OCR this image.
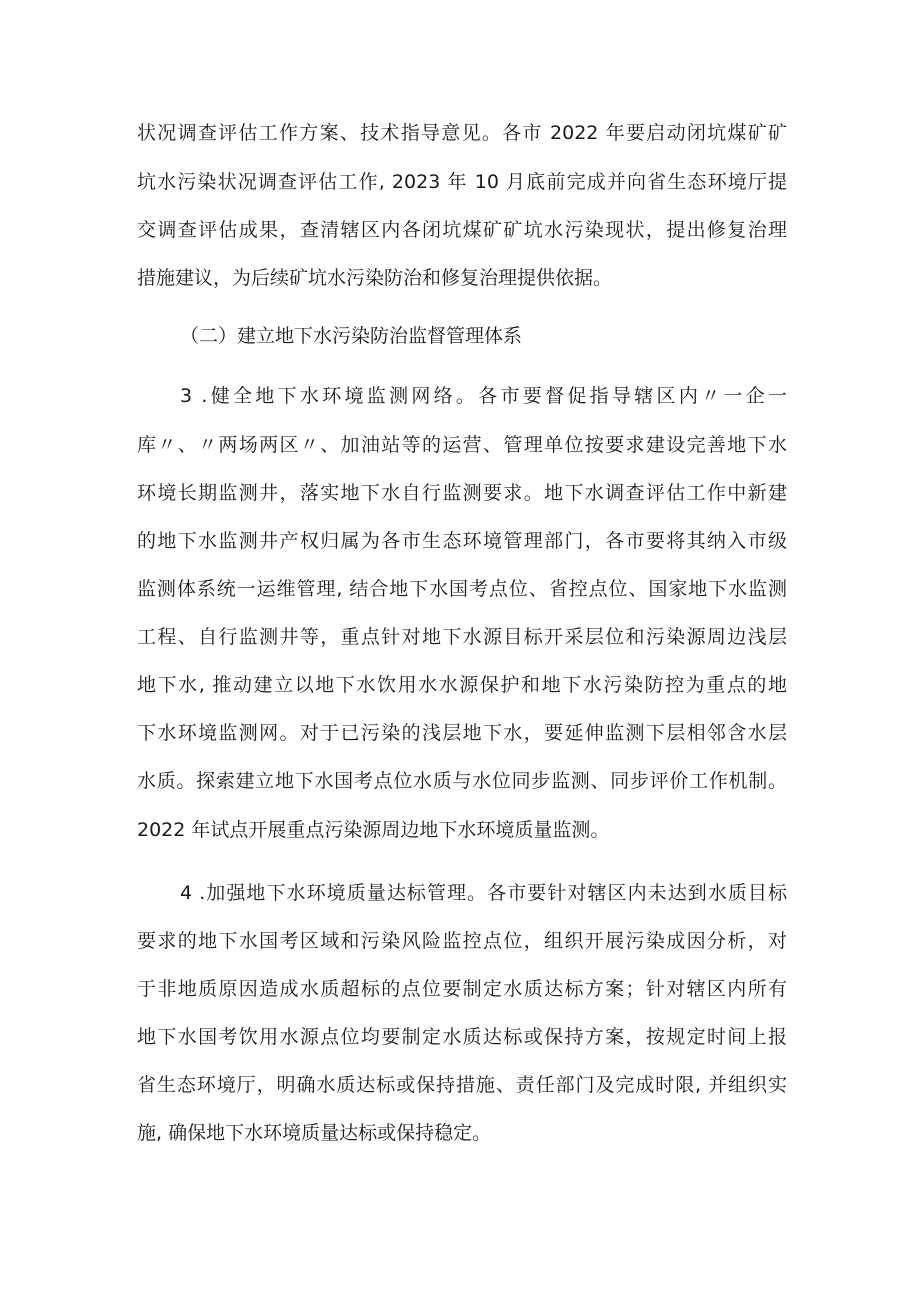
状况调查评估工作方案、技术指导意见。各市 2022 年要启动闭坑煤矿矿
坑水污染状况调查评估工作, 2023 年 10 月底前完成并向省生态环境厅提
交调查评估成果，查清辖区内各闭坑煤矿矿坑水污染现状，提出修复治理
措施建议，为后续矿坑水污染防治和修复治理提供依据。
（二）建立地下水污染防治监督管理体系
3 .健全地下水环境监测网络。各市要督促指导辖区内〃一企一
库〃、〃两场两区〃、加油站等的运营、管理单位按要求建设完善地下水
环境长期监测井，落实地下水自行监测要求。地下水调查评估工作中新建
的地下水监测井产权归属为各市生态环境管理部门，各市要将其纳入市级
监测体系统一运维管理, 结合地下水国考点位、省控点位、国家地下水监测
工程、自行监测井等，重点针对地下水源目标开采层位和污染源周边浅层
地下水, 推动建立以地下水饮用水水源保护和地下水污染防控为重点的地
下水环境监测网。对于已污染的浅层地下水，要延伸监测下层相邻含水层
水质。探索建立地下水国考点位水质与水位同步监测、同步评价工作机制。
2022 年试点开展重点污染源周边地下水环境质量监测。
4 .加强地下水环境质量达标管理。各市要针对辖区内未达到水质目标
要求的地下水国考区域和污染风险监控点位，组织开展污染成因分析，对
于非地质原因造成水质超标的点位要制定水质达标方案；针对辖区内所有
地下水国考饮用水源点位均要制定水质达标或保持方案，按规定时间上报
省生态环境厅，明确水质达标或保持措施、责任部门及完成时限, 并组织实
施, 确保地下水环境质量达标或保持稳定。
